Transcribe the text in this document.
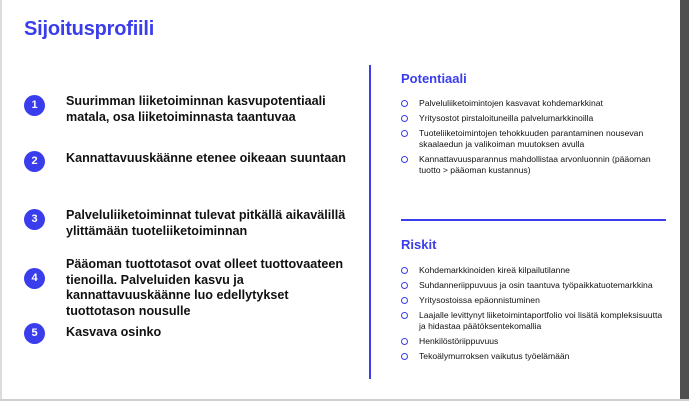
Sijoitusprofiili
1	Suurimman liiketoiminnan kasvupotentiaali matala, osa liiketoiminnasta taantuvaa
2	Kannattavuuskäänne etenee oikeaan suuntaan
3	Palveluliiketoiminnat tulevat pitkällä aikavälillä ylittämään tuoteliiketoiminnan
4
Pääoman tuottotasot ovat olleet tuottovaateen tienoilla. Palveluiden kasvu ja kannattavuuskäänne luo edellytykset tuottotason nousulle
5	Kasvava osinko
Potentiaali
Palveluliiketoimintojen kasvavat kohdemarkkinat
Yritysostot pirstaloituneilla palvelumarkkinoilla
Tuoteliiketoimintojen tehokkuuden parantaminen nousevan skaalaedun ja valikoiman muutoksen avulla
Kannattavuusparannus mahdollistaa arvonluonnin (pääoman tuotto > pääoman kustannus)
Riskit
Kohdemarkkinoiden kireä kilpailutilanne
Suhdanneriippuvuus ja osin taantuva työpaikkatuotemarkkina
Yritysostoissa epäonnistuminen
Laajalle levittynyt liiketoimintaportfolio voi lisätä kompleksisuutta ja hidastaa päätöksentekomallia
Henkilöstöriippuvuus
Tekoälymurroksen vaikutus työelämään
